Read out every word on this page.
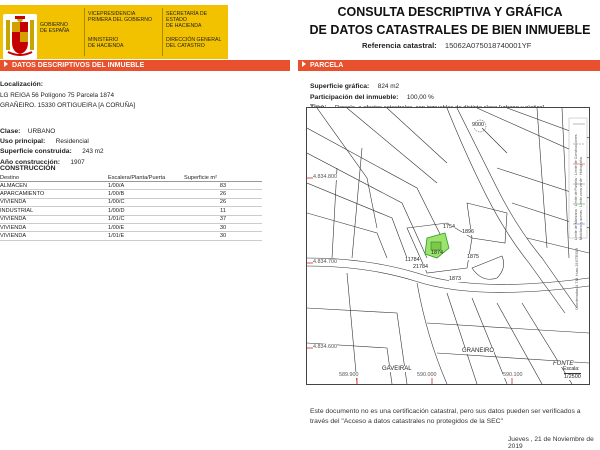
GOBIERNO
DE ESPAÑA
VICEPRESIDENCIA
PRIMERA DEL GOBIERNO
MINISTERIO
DE HACIENDA
SECRETARÍA DE ESTADO
DE HACIENDA
DIRECCIÓN GENERAL
DEL CATASTRO
CONSULTA DESCRIPTIVA Y GRÁFICA
DE DATOS CATASTRALES DE BIEN INMUEBLE
Referencia catastral: 15062A075018740001YF
DATOS DESCRIPTIVOS DEL INMUEBLE
Localización:
LG REIGA 56 Polígono 75 Parcela 1874
GRAÑEIRO. 15330 ORTIGUEIRA [A CORUÑA]
Clase: URBANO
Uso principal: Residencial
Superficie construida: 243 m2
Año construcción: 1907
CONSTRUCCIÓN
Destino	Escalera/Planta/Puerta	Superficie m²
ALMACEN	1/00/A	83
APARCAMIENTO	1/00/B	26
VIVIENDA	1/00/C	26
INDUSTRIAL	1/00/D	11
VIVIENDA	1/01/C	37
VIVIENDA	1/00/E	30
VIVIENDA	1/01/E	30
PARCELA
Superficie gráfica: 824 m2
Participación del inmueble: 100,00 %
9000
1754
1896
1874
11784
21784
1875
1873
GRANEIRO
GAVEIRAL
FONTE
4.834.800
4.834.700
4.834.600
589.900	590.000	590.100
Límite de Manzana · Límite de Parcela · Límite de Construcciones
Mobiliario y aceras · Límite zona verde · Hidrografía
Coordenadas U.T.M. Huso 29 ETRS89
Escala:
1/2500
Este documento no es una certificación catastral, pero sus datos pueden ser verificados a
través del "Acceso a datos catastrales no protegidos de la SEC"
Jueves , 21 de Noviembre de 2019
